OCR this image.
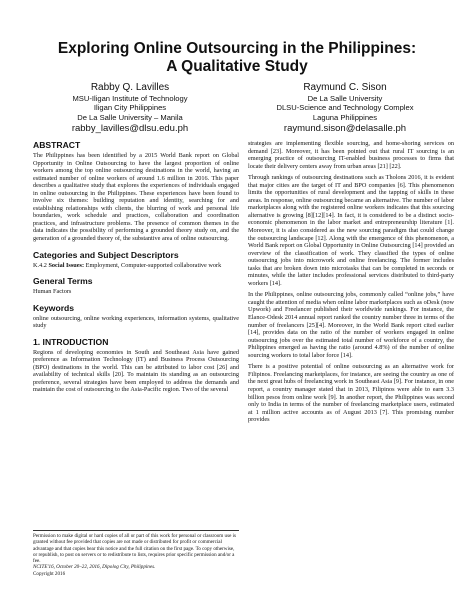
Exploring Online Outsourcing in the Philippines:
A Qualitative Study
Rabby Q. Lavilles
MSU-Iligan Institute of Technology
Iligan City Philippines
De La Salle University – Manila
rabby_lavilles@dlsu.edu.ph
Raymund C. Sison
De La Salle University
DLSU-Science and Technology Complex
Laguna Philippines
raymund.sison@delasalle.ph
ABSTRACT

The Philippines has been identified by a 2015 World Bank report on Global Opportunity in Online Outsourcing to have the largest proportion of online workers among the top online outsourcing destinations in the world, having an estimated number of online workers of around 1.6 million in 2016. This paper describes a qualitative study that explores the experiences of individuals engaged in online outsourcing in the Philippines. These experiences have been found to involve six themes: building reputation and identity, searching for and establishing relationships with clients, the blurring of work and personal life boundaries, work schedule and practices, collaboration and coordination practices, and infrastructure problems. The presence of common themes in the data indicates the possibility of performing a grounded theory study on, and the generation of a grounded theory of, the substantive area of online outsourcing.

Categories and Subject Descriptors

K.4.2 Social Issues: Employment, Computer-supported collaborative work

General Terms

Human Factors

Keywords

online outsourcing, online working experiences, information systems, qualitative study

1. INTRODUCTION

Regions of developing economies in South and Southeast Asia have gained preference as Information Technology (IT) and Business Process Outsourcing (BPO) destinations in the world. This can be attributed to labor cost [26] and availability of technical skills [20]. To maintain its standing as an outsourcing preference, several strategies have been employed to address the demands and maintain the cost of outsourcing to the Asia-Pacific region. Two of the several

Permission to make digital or hard copies of all or part of this work for personal or classroom use is granted without fee provided that copies are not made or distributed for profit or commercial advantage and that copies bear this notice and the full citation on the first page. To copy otherwise, or republish, to post on servers or to redistribute to lists, requires prior specific permission and/or a fee.
NCITE'16, October 20–22, 2016, Dipolog City, Philippines.
Copyright 2016

strategies are implementing flexible sourcing, and home-shoring services on demand [23]. Moreover, it has been pointed out that rural IT sourcing is an emerging practice of outsourcing IT-enabled business processes to firms that locate their delivery centers away from urban areas [21] [22].

Through rankings of outsourcing destinations such as Tholons 2016, it is evident that major cities are the target of IT and BPO companies [6]. This phenomenon limits the opportunities of rural development and the tapping of skills in these areas. In response, online outsourcing became an alternative. The number of labor marketplaces along with the registered online workers indicates that this sourcing alternative is growing [8][12][14]. In fact, it is considered to be a distinct socio-economic phenomenon in the labor market and entrepreneurship literature [1]. Moreover, it is also considered as the new sourcing paradigm that could change the outsourcing landscape [12]. Along with the emergence of this phenomenon, a World Bank report on Global Opportunity in Online Outsourcing [14] provided an overview of the classification of work. They classified the types of online outsourcing jobs into microwork and online freelancing. The former includes tasks that are broken down into microtasks that can be completed in seconds or minutes, while the latter includes professional services distributed to third-party workers [14].

In the Philippines, online outsourcing jobs, commonly called “online jobs,” have caught the attention of media when online labor marketplaces such as oDesk (now Upwork) and Freelancer published their worldwide rankings. For instance, the Elance-Odesk 2014 annual report ranked the country number three in terms of the number of freelancers [25][4]. Moreover, in the World Bank report cited earlier [14], provides data on the ratio of the number of workers engaged in online outsourcing jobs over the estimated total number of workforce of a country, the Philippines emerged as having the ratio (around 4.8%) of the number of online sourcing workers to total labor force [14].

There is a positive potential of online outsourcing as an alternative work for Filipinos. Freelancing marketplaces, for instance, are seeing the country as one of the next great hubs of freelancing work in Southeast Asia [9]. For instance, in one report, a country manager stated that in 2013, Filipinos were able to earn 3.3 billion pesos from online work [9]. In another report, the Philippines was second only to India in terms of the number of freelancing marketplace users, estimated at 1 million active accounts as of August 2013 [7]. This promising number provides
